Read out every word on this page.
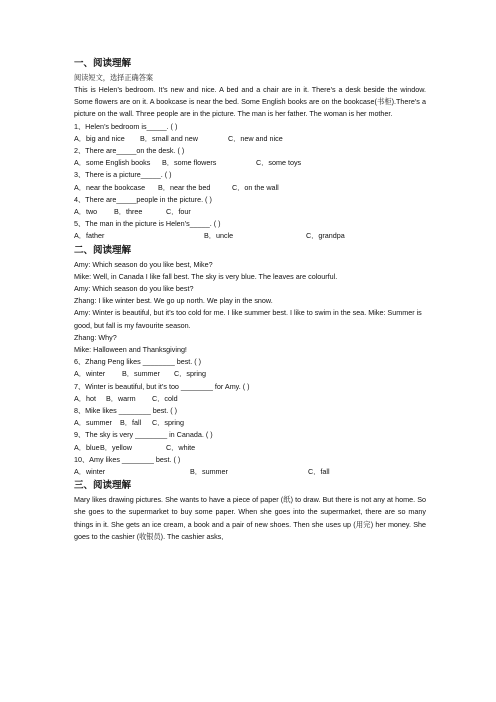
一、阅读理解
阅读短文，选择正确答案
This is Helen’s bedroom. It’s new and nice. A bed and a chair are in it. There’s a desk beside the window. Some flowers are on it. A bookcase is near the bed. Some English books are on the bookcase(书柜).There’s a picture on the wall. Three people are in the picture. The man is her father. The woman is her mother.
1、Helen’s bedroom is_____. ( )
A．big and nice B．small and new	C．new and nice
2、There are_____on the desk. ( )
A．some English books B．some flowers	C．some toys
3、There is a picture_____. ( )
A．near the bookcase B．near the bed	C．on the wall
4、There are_____people in the picture. ( )
A．two B．three	C．four
5、The man in the picture is Helen’s_____. ( )
A．father	B．uncle	C．grandpa
二、阅读理解
Amy: Which season do you like best, Mike?
Mike: Well, in Canada I like fall best. The sky is very blue. The leaves are colourful.
Amy: Which season do you like best?
Zhang: I like winter best. We go up north. We play in the snow.
Amy: Winter is beautiful, but it’s too cold for me. I like summer best. I like to swim in the sea. Mike: Summer is good, but fall is my favourite season.
Zhang: Why?
Mike: Halloween and Thanksgiving!
6、Zhang Peng likes ________ best. ( )
A．winter B．summer C．spring
7、Winter is beautiful, but it’s too ________ for Amy. ( )
A．hot B．warm C．cold
8、Mike likes ________ best. ( )
A．summer B．fall C．spring
9、The sky is very ________ in Canada. ( )
A．blue B．yellow	C．white
10、Amy likes ________ best. ( )
A．winter	B．summer	C．fall
三、阅读理解
Mary likes drawing pictures. She wants to have a piece of paper (纸) to draw. But there is not any at home. So she goes to the supermarket to buy some paper. When she goes into the supermarket, there are so many things in it. She gets an ice cream, a book and a pair of new shoes. Then she uses up (用完) her money. She goes to the cashier (收银员). The cashier asks,
